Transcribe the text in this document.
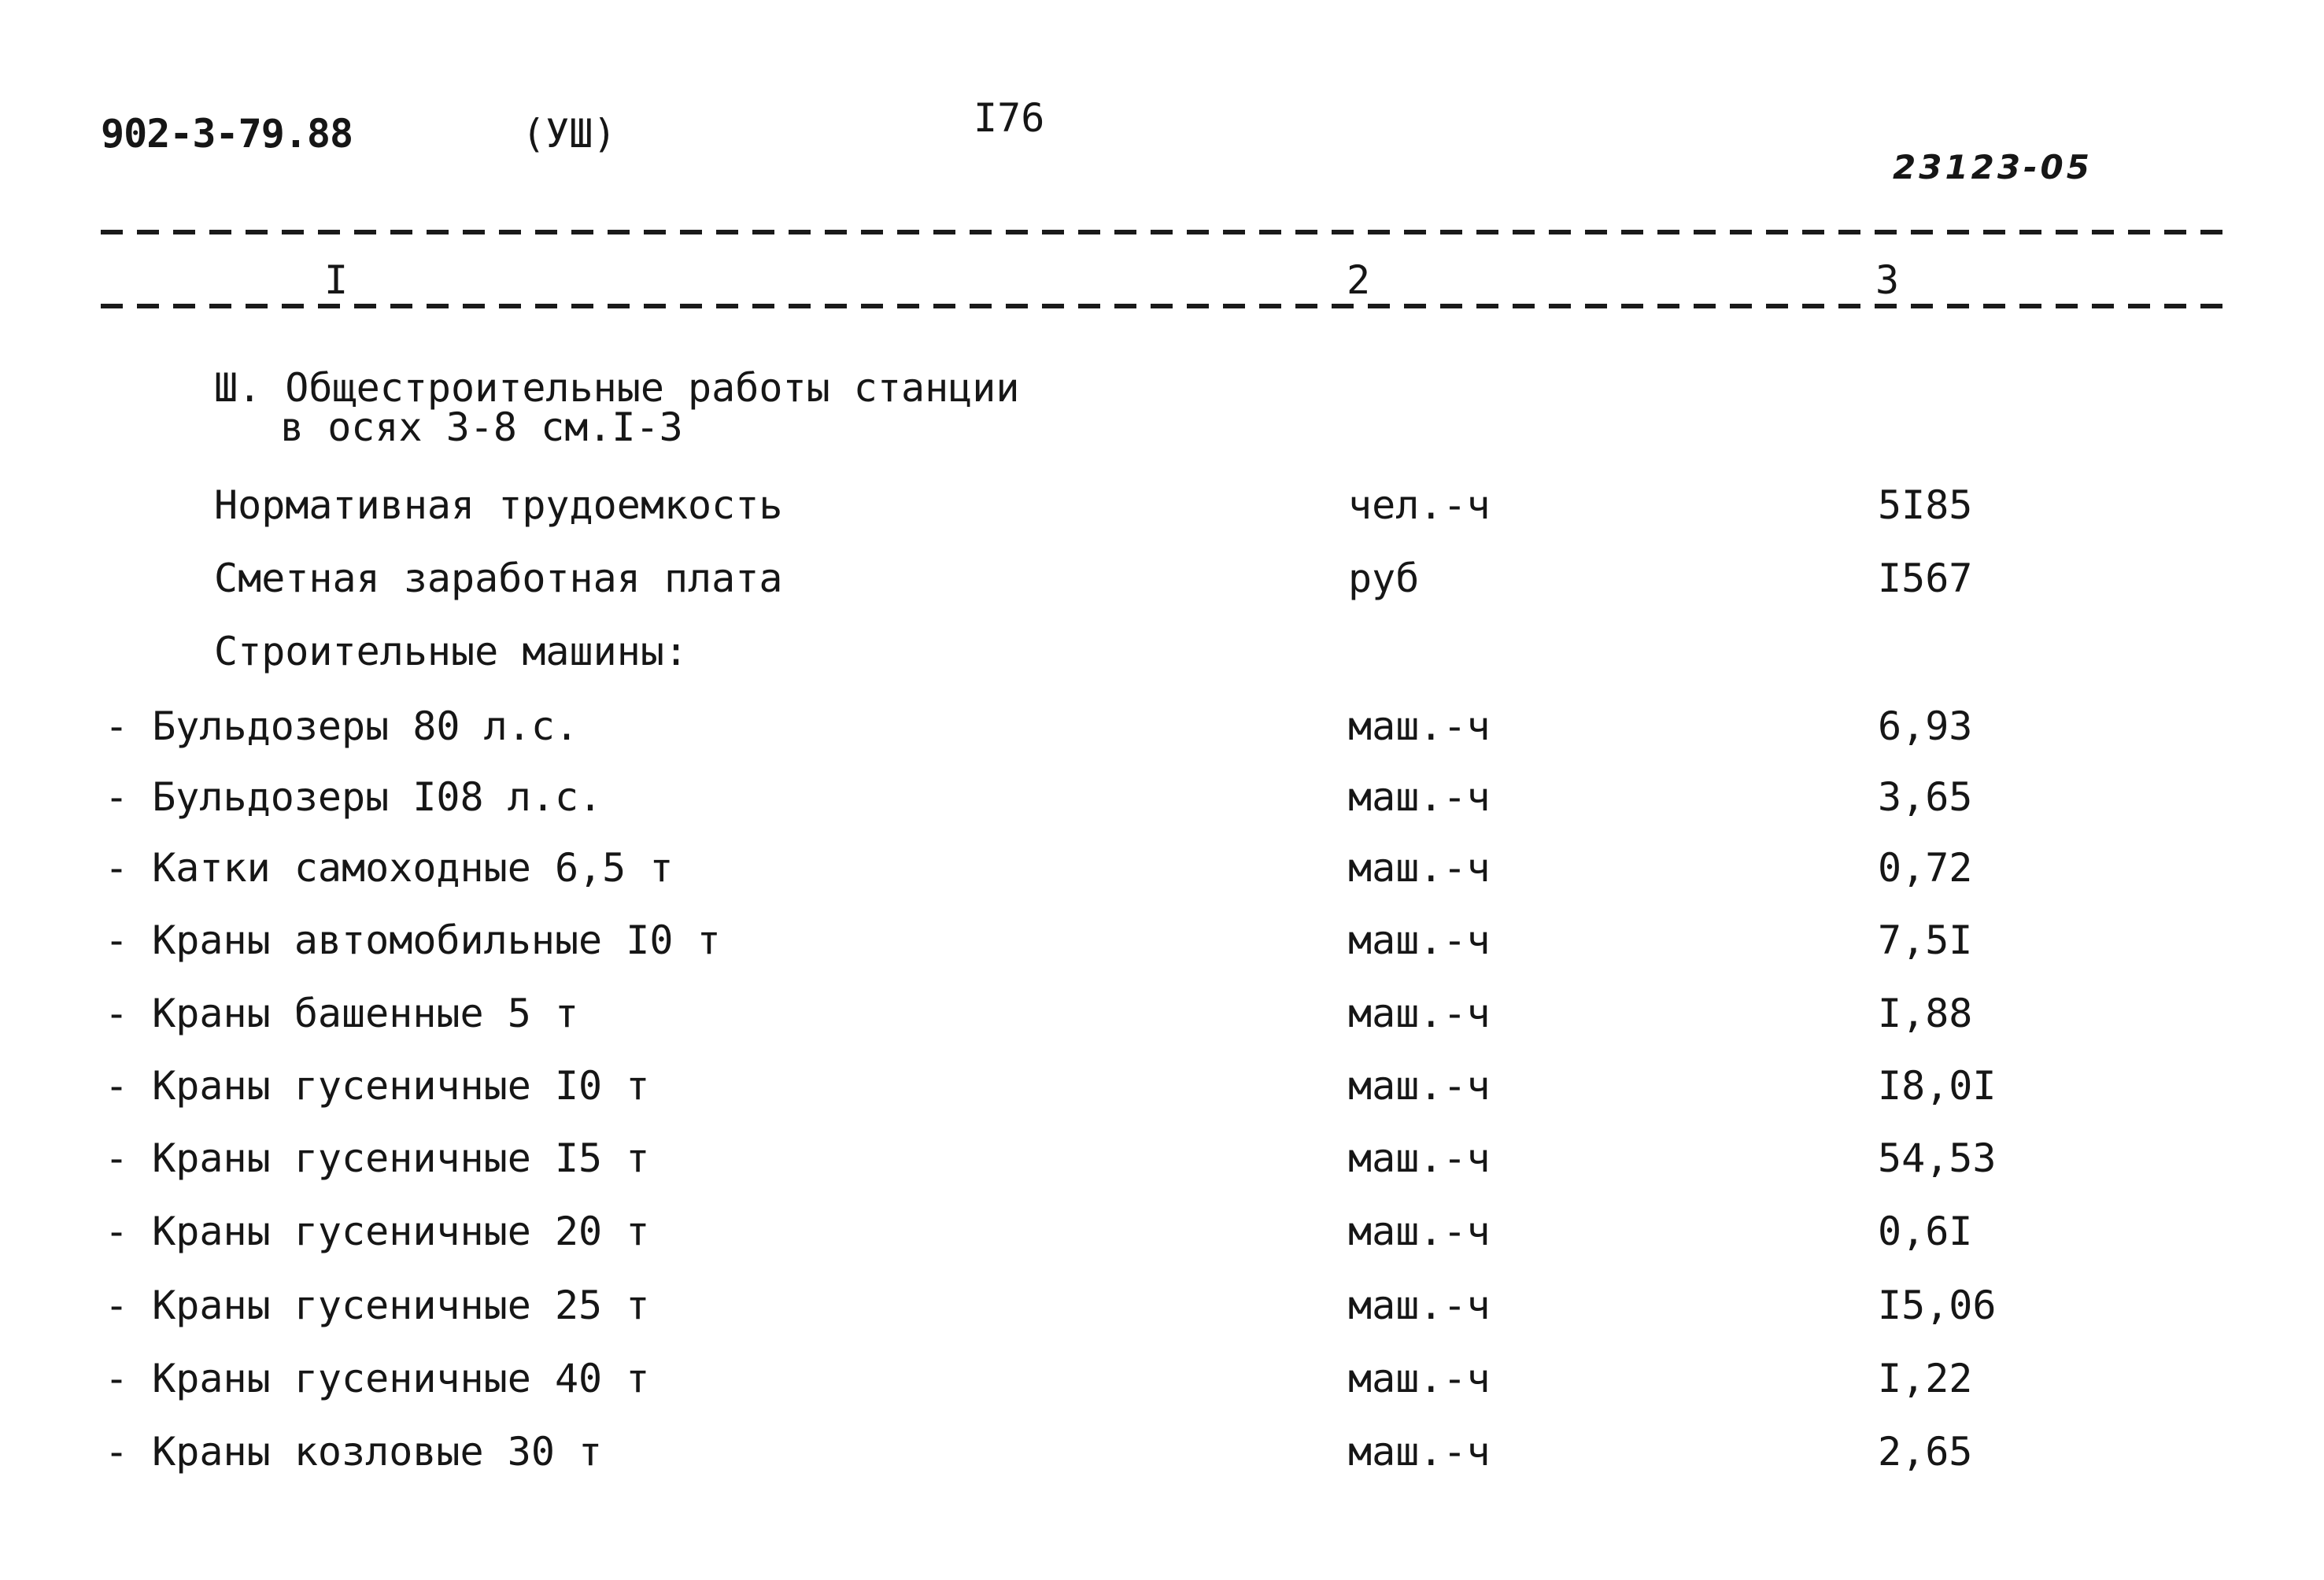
902-3-79.88	(УШ)	I76
23123-05
I	2	3
Ш. Общестроительные работы станции
в осях 3-8 см.I-3
Нормативная трудоемкость	чел.-ч	5I85
Сметная заработная плата	руб	I567
Строительные машины:
- Бульдозеры 80 л.с.	маш.-ч	6,93
- Бульдозеры I08 л.с.	маш.-ч	3,65
- Катки самоходные 6,5 т	маш.-ч	0,72
- Краны автомобильные I0 т	маш.-ч	7,5I
- Краны башенные 5 т	маш.-ч	I,88
- Краны гусеничные I0 т	маш.-ч	I8,0I
- Краны гусеничные I5 т	маш.-ч	54,53
- Краны гусеничные 20 т	маш.-ч	0,6I
- Краны гусеничные 25 т	маш.-ч	I5,06
- Краны гусеничные 40 т	маш.-ч	I,22
- Краны козловые 30 т	маш.-ч	2,65
